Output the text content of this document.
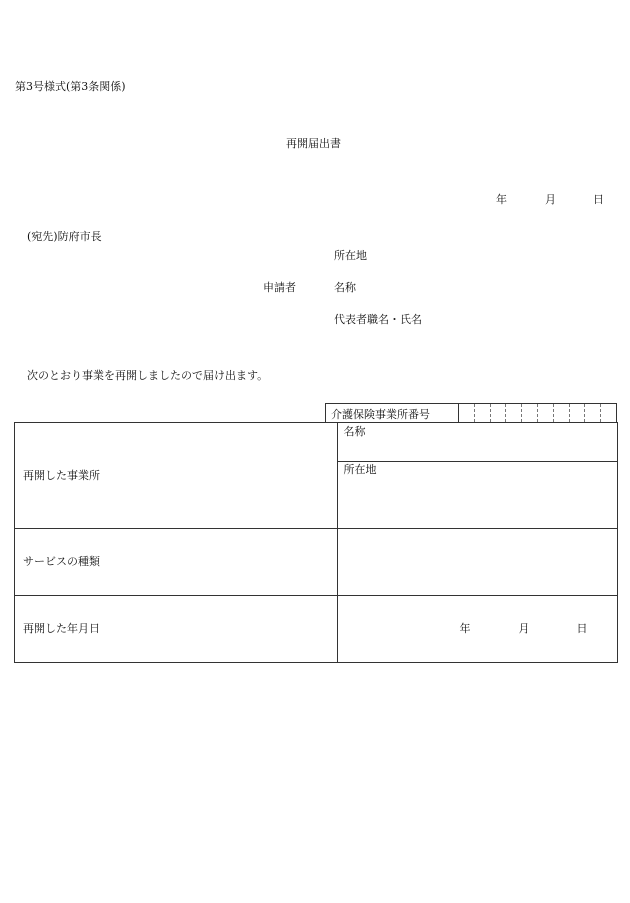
第3号様式(第3条関係)
再開届出書
年	月	日
(宛先)防府市長
所在地
申請者	名称
代表者職名・氏名
次のとおり事業を再開しましたので届け出ます。
介護保険事業所番号
再開した事業所	名称
所在地

サービスの種類	
再開した年月日	年 月 日
